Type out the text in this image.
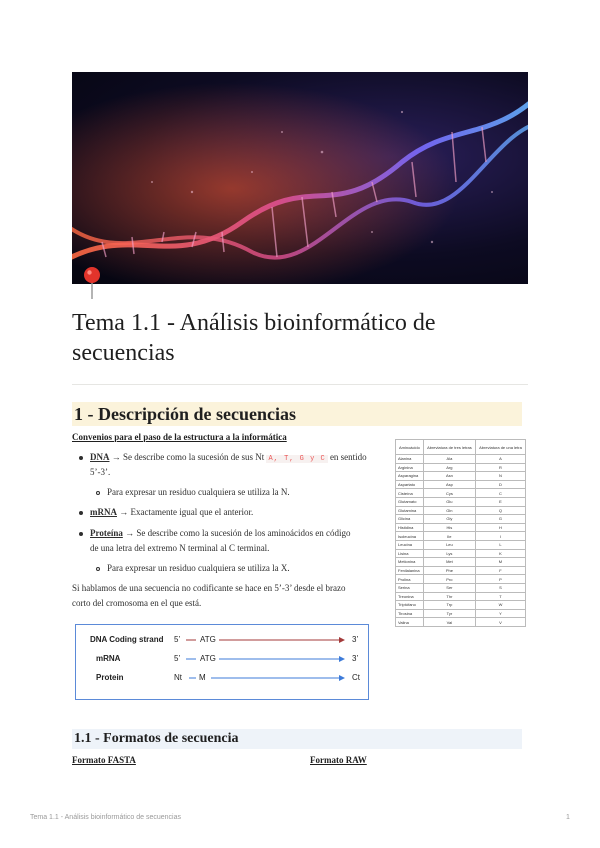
Tema 1.1 - Análisis bioinformático de secuencias
1 - Descripción de secuencias
Convenios para el paso de la estructura a la informática
DNA → Se describe como la sucesión de sus Nt A, T, G y C en sentido
5’-3’.
Para expresar un residuo cualquiera se utiliza la N.
mRNA → Exactamente igual que el anterior.
Proteína → Se describe como la sucesión de los aminoácidos en código
de una letra del extremo N terminal al C terminal.
Para expresar un residuo cualquiera se utiliza la X.
Si hablamos de una secuencia no codificante se hace en 5’-3’ desde el brazo
corto del cromosoma en el que está.
Aminoácido	Abreviatura de tres letras	Abreviatura de una letra
Alanina	Ala	A
Arginina	Arg	R
Asparagina	Asn	N
Aspartato	Asp	D
Cisteína	Cys	C
Glutamato	Glu	E
Glutamina	Gln	Q
Glicina	Gly	G
Histidina	His	H
Isoleucina	Ile	I
Leucina	Leu	L
Lisina	Lys	K
Metionina	Met	M
Fenilalanina	Phe	F
Prolina	Pro	P
Serina	Ser	S
Treonina	Thr	T
Triptófano	Trp	W
Tirosina	Tyr	Y
Valina	Val	V
DNA Coding strand 5’ ATG	3’
mRNA	5’ ATG	3’
Protein	Nt M	Ct
1.1 - Formatos de secuencia
Formato FASTA	Formato RAW
Tema 1.1 - Análisis bioinformático de secuencias	1
